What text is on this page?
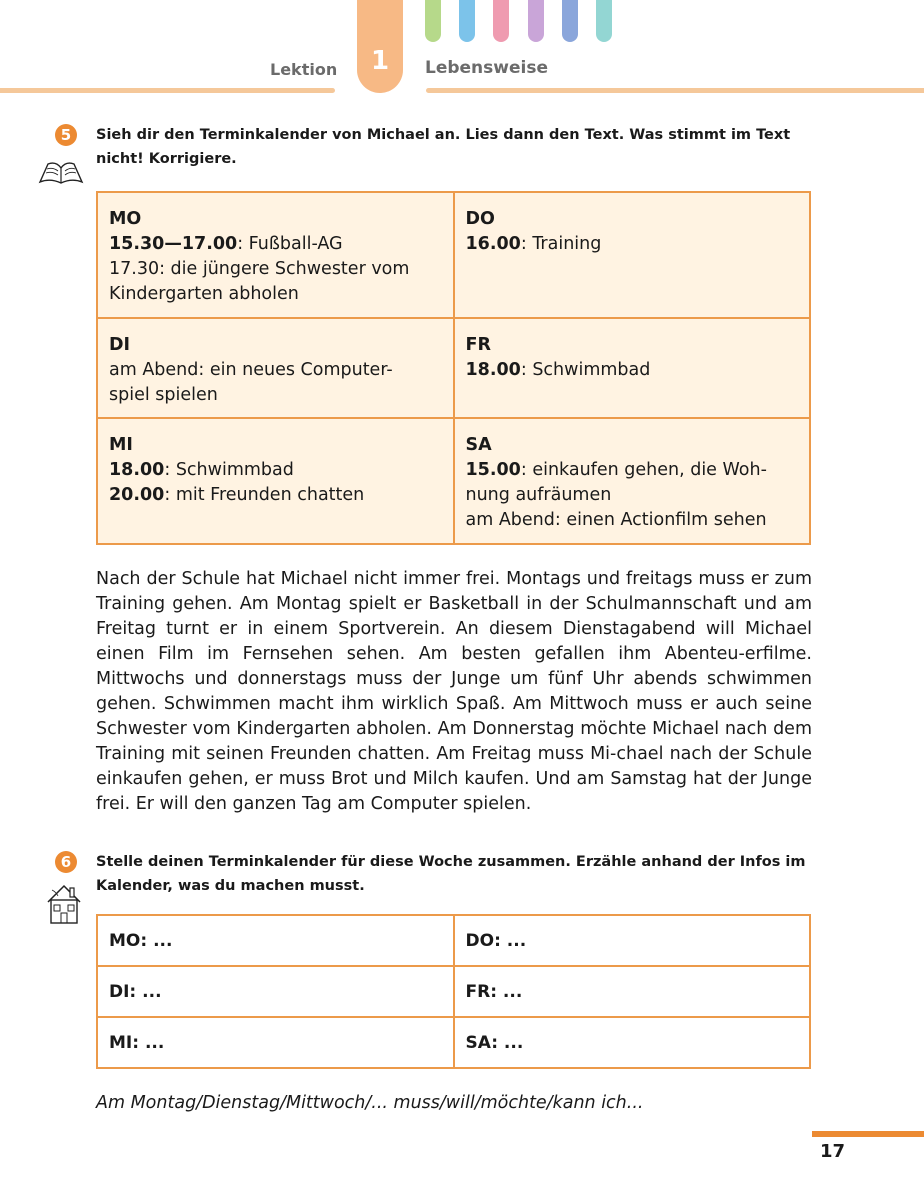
Lektion	1	Lebensweise
5	Sieh dir den Terminkalender von Michael an. Lies dann den Text. Was stimmt im Text nicht! Korrigiere.
MO
15.30—17.00: Fußball-AG
17.30: die jüngere Schwester vom
Kindergarten abholen	DO
16.00: Training

DI
am Abend: ein neues Computer-
spiel spielen	FR
18.00: Schwimmbad

MI
18.00: Schwimmbad
20.00: mit Freunden chatten	SA
15.00: einkaufen gehen, die Woh-
nung aufräumen
am Abend: einen Actionfilm sehen

Nach der Schule hat Michael nicht immer frei. Montags und freitags muss er zum Training gehen. Am Montag spielt er Basketball in der Schulmannschaft und am Freitag turnt er in einem Sportverein. An diesem Dienstagabend will Michael einen Film im Fernsehen sehen. Am besten gefallen ihm Abenteu-erfilme. Mittwochs und donnerstags muss der Junge um fünf Uhr abends schwimmen gehen. Schwimmen macht ihm wirklich Spaß. Am Mittwoch muss er auch seine Schwester vom Kindergarten abholen. Am Donnerstag möchte Michael nach dem Training mit seinen Freunden chatten. Am Freitag muss Mi-chael nach der Schule einkaufen gehen, er muss Brot und Milch kaufen. Und am Samstag hat der Junge frei. Er will den ganzen Tag am Computer spielen.

6	Stelle deinen Terminkalender für diese Woche zusammen. Erzähle anhand der Infos im Kalender, was du machen musst.
MO: ...	DO: ...
DI: ...	FR: ...
MI: ...	SA: ...
Am Montag/Dienstag/Mittwoch/... muss/will/möchte/kann ich...
17
